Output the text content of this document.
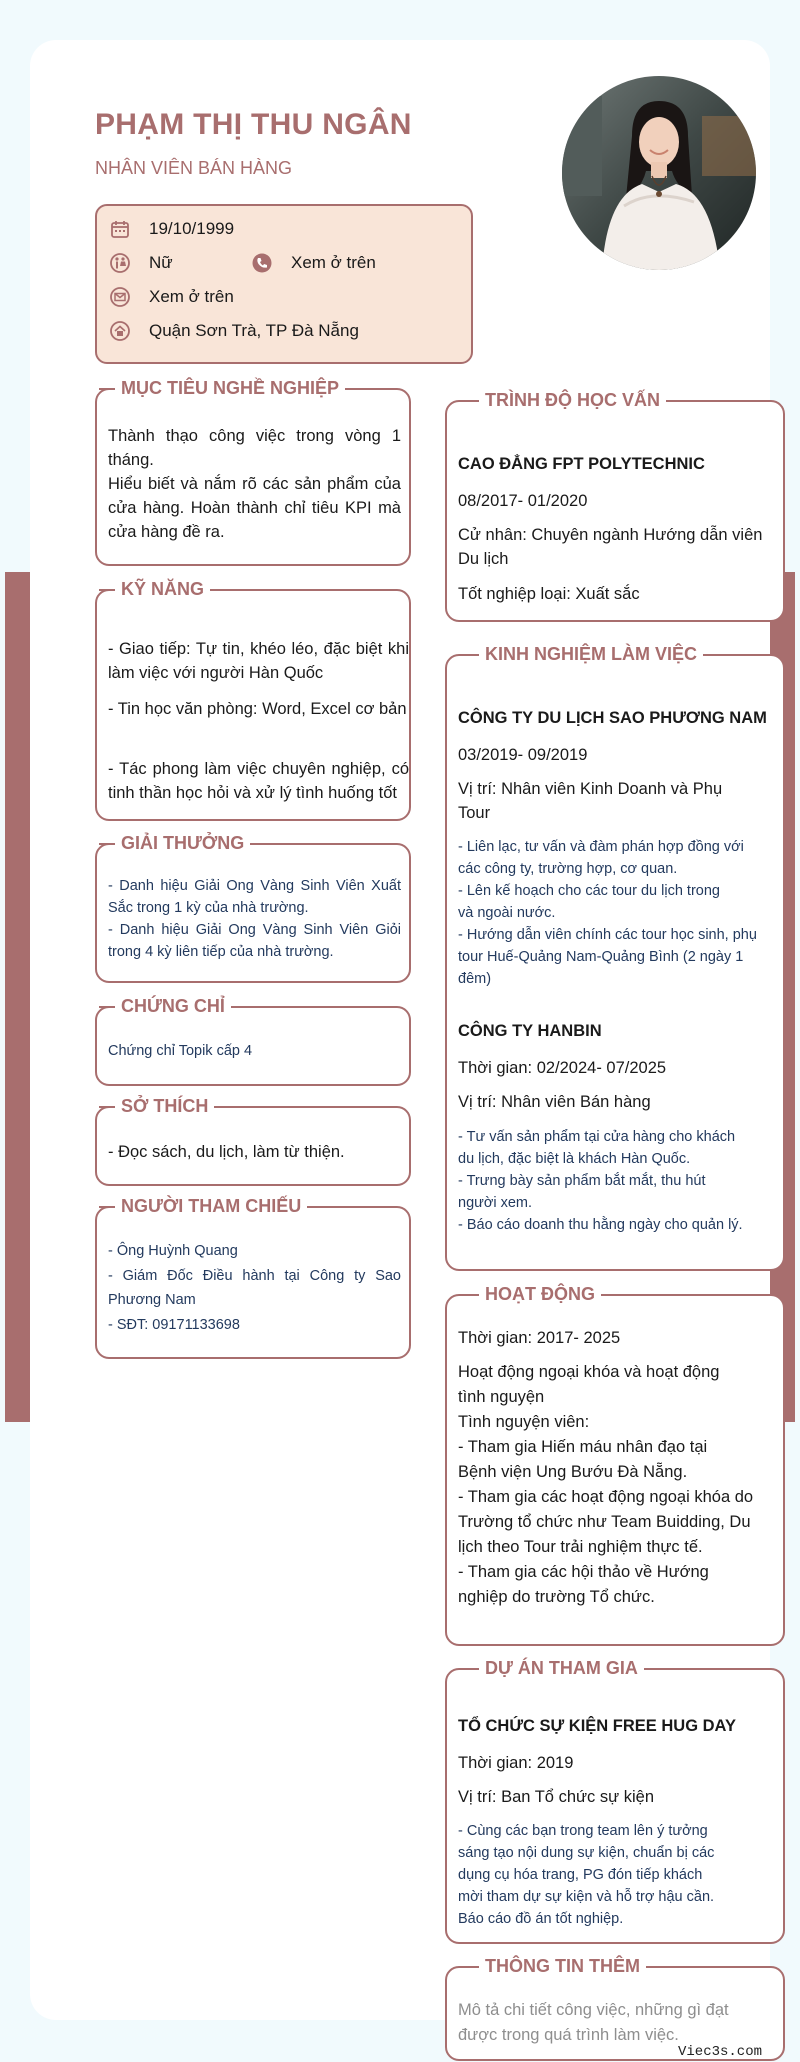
PHẠM THỊ THU NGÂN
NHÂN VIÊN BÁN HÀNG
19/10/1999
Nữ	Xem ở trên
Xem ở trên
Quận Sơn Trà, TP Đà Nẵng
MỤC TIÊU NGHỀ NGHIỆP
Thành thạo công việc trong vòng 1 tháng.
Hiểu biết và nắm rõ các sản phẩm của cửa hàng. Hoàn thành chỉ tiêu KPI mà cửa hàng đề ra.
KỸ NĂNG
- Giao tiếp: Tự tin, khéo léo, đặc biệt khi làm việc với người Hàn Quốc
- Tin học văn phòng: Word, Excel cơ bản
- Tác phong làm việc chuyên nghiệp, có tinh thần học hỏi và xử lý tình huống tốt
GIẢI THƯỞNG
- Danh hiệu Giải Ong Vàng Sinh Viên Xuất Sắc trong 1 kỳ của nhà trường.
- Danh hiệu Giải Ong Vàng Sinh Viên Giỏi trong 4 kỳ liên tiếp của nhà trường.
CHỨNG CHỈ
Chứng chỉ Topik cấp 4
SỞ THÍCH
- Đọc sách, du lịch, làm từ thiện.
NGƯỜI THAM CHIẾU
- Ông Huỳnh Quang
- Giám Đốc Điều hành tại Công ty Sao Phương Nam
- SĐT: 09171133698
TRÌNH ĐỘ HỌC VẤN
CAO ĐẲNG FPT POLYTECHNIC
08/2017- 01/2020
Cử nhân: Chuyên ngành Hướng dẫn viên Du lịch
Tốt nghiệp loại: Xuất sắc
KINH NGHIỆM LÀM VIỆC
CÔNG TY DU LỊCH SAO PHƯƠNG NAM
03/2019- 09/2019
Vị trí: Nhân viên Kinh Doanh và Phụ Tour
- Liên lạc, tư vấn và đàm phán hợp đồng với các công ty, trường hợp, cơ quan.
- Lên kế hoạch cho các tour du lịch trong và ngoài nước.
- Hướng dẫn viên chính các tour học sinh, phụ tour Huế-Quảng Nam-Quảng Bình (2 ngày 1 đêm)
CÔNG TY HANBIN
Thời gian: 02/2024- 07/2025
Vị trí: Nhân viên Bán hàng
- Tư vấn sản phẩm tại cửa hàng cho khách du lịch, đặc biệt là khách Hàn Quốc.
- Trưng bày sản phẩm bắt mắt, thu hút người xem.
- Báo cáo doanh thu hằng ngày cho quản lý.
HOẠT ĐỘNG
Thời gian: 2017- 2025
Hoạt động ngoại khóa và hoạt động tình nguyện
Tình nguyện viên:
- Tham gia Hiến máu nhân đạo tại Bệnh viện Ung Bướu Đà Nẵng.
- Tham gia các hoạt động ngoại khóa do Trường tổ chức như Team Buidding, Du lịch theo Tour trải nghiệm thực tế.
- Tham gia các hội thảo về Hướng nghiệp do trường Tổ chức.
DỰ ÁN THAM GIA
TỔ CHỨC SỰ KIỆN FREE HUG DAY
Thời gian: 2019
Vị trí: Ban Tổ chức sự kiện
- Cùng các bạn trong team lên ý tưởng sáng tạo nội dung sự kiện, chuẩn bị các dụng cụ hóa trang, PG đón tiếp khách mời tham dự sự kiện và hỗ trợ hậu cần. Báo cáo đồ án tốt nghiệp.
THÔNG TIN THÊM
Mô tả chi tiết công việc, những gì đạt được trong quá trình làm việc.
Viec3s.com
